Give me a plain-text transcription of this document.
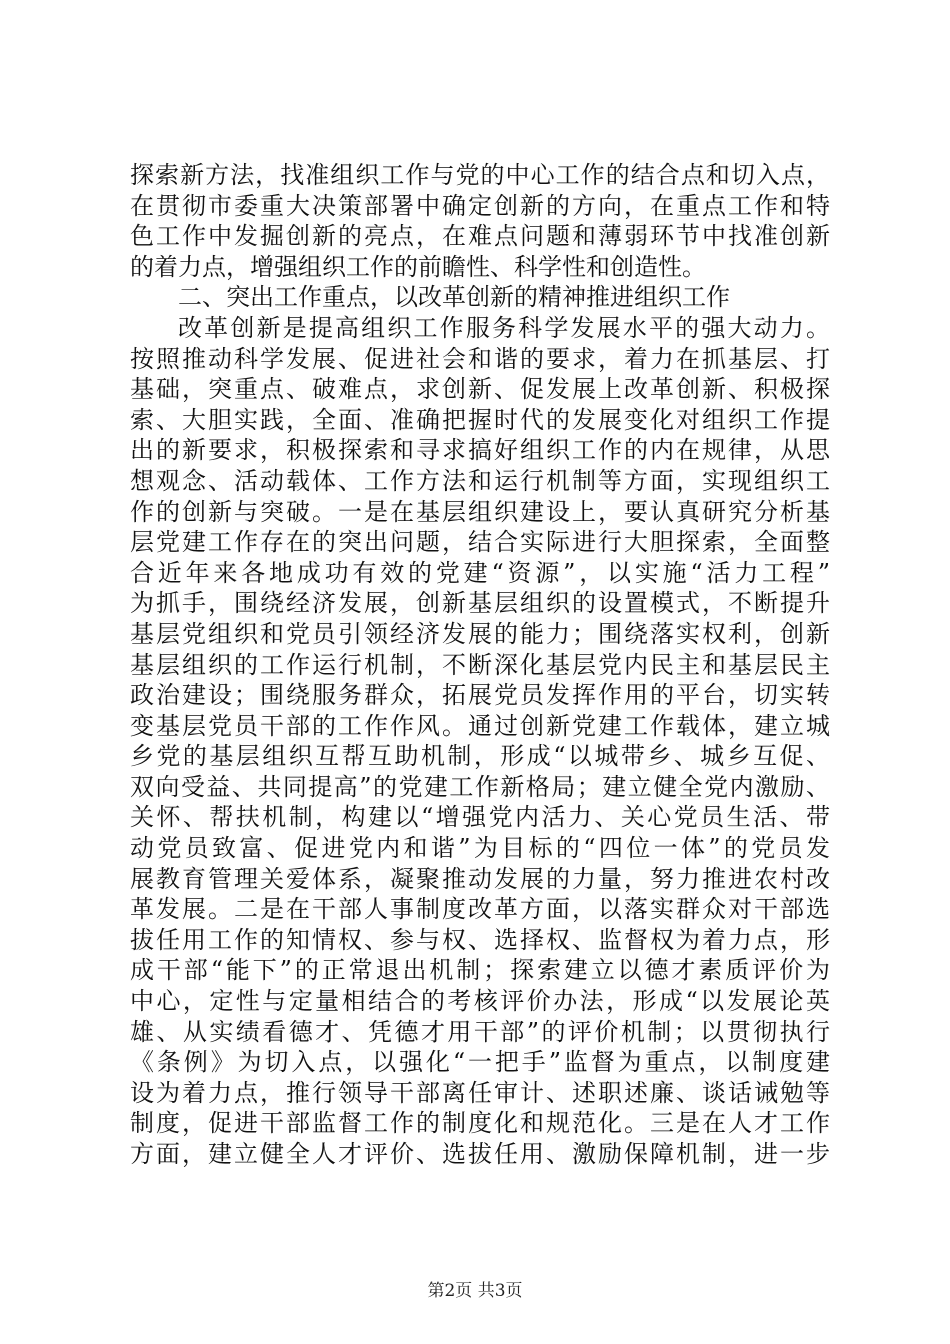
探索新方法，找准组织工作与党的中心工作的结合点和切入点，
在贯彻市委重大决策部署中确定创新的方向，在重点工作和特
色工作中发掘创新的亮点，在难点问题和薄弱环节中找准创新
的着力点，增强组织工作的前瞻性、科学性和创造性。
二、突出工作重点，以改革创新的精神推进组织工作
改革创新是提高组织工作服务科学发展水平的强大动力。
按照推动科学发展、促进社会和谐的要求，着力在抓基层、打
基础，突重点、破难点，求创新、促发展上改革创新、积极探
索、大胆实践，全面、准确把握时代的发展变化对组织工作提
出的新要求，积极探索和寻求搞好组织工作的内在规律，从思
想观念、活动载体、工作方法和运行机制等方面，实现组织工
作的创新与突破。一是在基层组织建设上，要认真研究分析基
层党建工作存在的突出问题，结合实际进行大胆探索，全面整
合近年来各地成功有效的党建“资源”，以实施“活力工程”
为抓手，围绕经济发展，创新基层组织的设置模式，不断提升
基层党组织和党员引领经济发展的能力；围绕落实权利，创新
基层组织的工作运行机制，不断深化基层党内民主和基层民主
政治建设；围绕服务群众，拓展党员发挥作用的平台，切实转
变基层党员干部的工作作风。通过创新党建工作载体，建立城
乡党的基层组织互帮互助机制，形成“以城带乡、城乡互促、
双向受益、共同提高”的党建工作新格局；建立健全党内激励、
关怀、帮扶机制，构建以“增强党内活力、关心党员生活、带
动党员致富、促进党内和谐”为目标的“四位一体”的党员发
展教育管理关爱体系，凝聚推动发展的力量，努力推进农村改
革发展。二是在干部人事制度改革方面，以落实群众对干部选
拔任用工作的知情权、参与权、选择权、监督权为着力点，形
成干部“能下”的正常退出机制；探索建立以德才素质评价为
中心，定性与定量相结合的考核评价办法，形成“以发展论英
雄、从实绩看德才、凭德才用干部”的评价机制；以贯彻执行
《条例》为切入点，以强化“一把手”监督为重点，以制度建
设为着力点，推行领导干部离任审计、述职述廉、谈话诫勉等
制度，促进干部监督工作的制度化和规范化。三是在人才工作
方面，建立健全人才评价、选拔任用、激励保障机制，进一步
第2页 共3页
